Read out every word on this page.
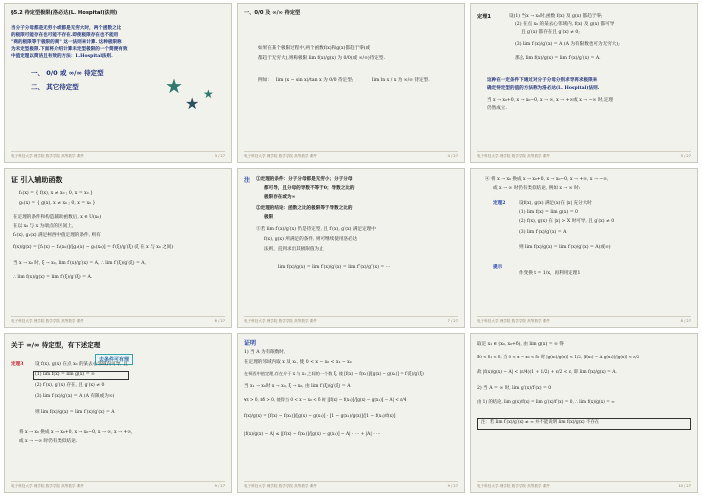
§5.2 待定型极限(洛必达(L. Hospital)法则)
当分子分母都是无穷小或都是无穷大时，两个函数之比
的极限可能存在也可能不存在.即使极限存在也不能用
"商的极限等于极限的商" 这一法则来计算. 这种极限称
为未定型极限.下面将介绍计算未定型极限的一个简便有效
中值定理以简洁且有效的方法：L.Hospital法则.
一、 0/0 或 ∞/∞ 待定型
二、 其它待定型	★
★ ★
电子科技大学 理学院 数学学院 高等数学 课件	3 / 27
一、0/0 及 ∞/∞ 待定型
如果在某个极限过程中,两个函数f(x)和g(x)都趋于零(或
都趋于无穷大),则称极限 lim f(x)/g(x) 为 0/0(或 ∞/∞)待定型.
例如： lim (x − sin x)/tan x 为 0/0 待定型;	lim ln x / x 为 ∞/∞ 待定型.
电子科技大学 理学院 数学学院 高等数学 课件	4 / 27
定理1	设(1) 当x → x₀时,函数 f(x) 及 g(x) 都趋于零;
(2) 在点 x₀ 的某去心邻域内, f(x) 及 g(x) 都可导
且 g′(x) 都存在且 g′(x) ≠ 0;
(3) lim f′(x)/g′(x) = A (A 为有限数也可为无穷大);
那么 lim f(x)/g(x) = lim f′(x)/g′(x) = A.
这种在一定条件下通过对分子分母分别求导再求极限来
确定待定型的值的方法称为洛必达(L. Hospital)法则.
当 x → x₀+0, x → x₀−0, x → ∞, x → +∞或 x → −∞ 时,定理
仍然成立.
电子科技大学 理学院 数学学院 高等数学 课件	5 / 27
证 引入辅助函数
f₁(x) = { f(x), x ≠ x₀ ; 0, x = x₀ }
g₁(x) = { g(x), x ≠ x₀ ; 0, x = x₀ }
在定理的条件和构造辅助函数后, x ∈ U(x₀)
在以 x₀ 与 x 为端点的区间上,
f₁(x), g₁(x) 满足柯西中值定理的条件, 则有
f(x)/g(x) = [f₁(x) − f₁(x₀)]/[g₁(x) − g₁(x₀)] = f′(ξ)/g′(ξ) (ξ 在 x 与 x₀ 之间)
当 x → x₀ 时, ξ → x₀, lim f′(x)/g′(x) = A, ∴ lim f′(ξ)/g′(ξ) = A,
∴ lim f(x)/g(x) = lim f′(ξ)/g′(ξ) = A.
电子科技大学 理学院 数学学院 高等数学 课件	6 / 27
注 ①定理的条件：分子分母都是无穷小；分子分母
都可导，且分母的导数不等于0；导数之比的
极限存在或为∞
②定理的结论：函数之比的极限等于导数之比的
极限
③若 lim f′(x)/g′(x) 仍是待定型, 且 f′(x), g′(x) 满足定理中
f(x), g(x) 所满足的条件, 则可继续使用洛必达
法则，直到求出其极限值为止
lim f(x)/g(x) = lim f′(x)/g′(x) = lim f″(x)/g″(x) = ⋯
电子科技大学 理学院 数学学院 高等数学 课件	7 / 27
④ 将 x → x₀ 换成 x → x₀+0, x → x₀−0, x → +∞, x → −∞,
或 x → ∞ 时仍有类似结论, 例如 x → ∞ 时:
定理2	设f(x), g(x) 满足(x)在 |x| 充分大时
(1) lim f(x) = lim g(x) = 0
(2) f(x), g(x) 在 |x| > X 时可导, 且 g′(x) ≠ 0
(3) lim f′(x)/g′(x) = A
则 lim f(x)/g(x) = lim f′(x)/g′(x) = A(或∞)
提示
作变换 t = 1/x，再利用定理1
电子科技大学 理学院 数学学院 高等数学 课件	8 / 27
关于 ∞/∞ 待定型，有下述定理
去条件可有理
定理3	设 f(x), g(x) 在点 x₀ 的某去心邻域内可导, 且
(1) lim f(x) = lim g(x) = ∞
(2) f′(x), g′(x) 存在, 且 g′(x) ≠ 0
(3) lim f′(x)/g′(x) = A (A 有限或为∞)
则 lim f(x)/g(x) = lim f′(x)/g′(x) = A
将 x → x₀ 换成 x → x₀+0, x → x₀−0, x → ∞, x → +∞,
或 x → −∞ 时仍有类似结论.
电子科技大学 理学院 数学学院 高等数学 课件	9 / 27
证明
1) 当 A 为有限数时,
在定理的邻域内取 x 及 x₁, 使 0 < x − x₀ < x₁ − x₀
在柯西中值定理,存在介于 x 与 x₁ 之间的一个数 ξ, 使 [f(x) − f(x₁)]/[g(x) − g(x₁)] = f′(ξ)/g′(ξ)
当 x₁ → x₀时 x → x₀, ξ → x₀, 由 lim f′(ξ)/g′(ξ) = A
∀ε > 0, ∃δ > 0, 使得当 0 < x − x₀ < δ 时 |[f(x) − f(x₁)]/[g(x) − g(x₁)] − A| < ε/4
f(x)/g(x) = [f(x) − f(x₁)]/[g(x) − g(x₁)] · [1 − g(x₁)/g(x)]/[1 − f(x₁)/f(x)]
|f(x)/g(x) − A| ≤ |[f(x) − f(x₁)]/[g(x) − g(x₁)] − A| · ⋯ + |A| · ⋯
电子科技大学 理学院 数学学院 高等数学 课件	9 / 27
取定 x₁ ∈ (x₀, x₀+δ), 由 lim g(x) = ∞ 得
∃0 < δ₁ < δ, 当 0 < x − x₀ < δ₁ 时 |g(x₁)/g(x)| < 1/2, |f(x₁) − A g(x₁)|/|g(x)| < ε/2
故 |f(x)/g(x) − A| < (ε/4)(1 + 1/2) + ε/2 < ε, 即 lim f(x)/g(x) = A.
2) 当 A = ∞ 时, lim g′(x)/f′(x) = 0
由 1) 的结论, lim g(x)/f(x) = lim g′(x)/f′(x) = 0, ∴ lim f(x)/g(x) = ∞
注：若 lim f′(x)/g′(x) ≠ ∞ 并不能说明 lim f(x)/g(x) 不存在
电子科技大学 理学院 数学学院 高等数学 课件	10 / 27
